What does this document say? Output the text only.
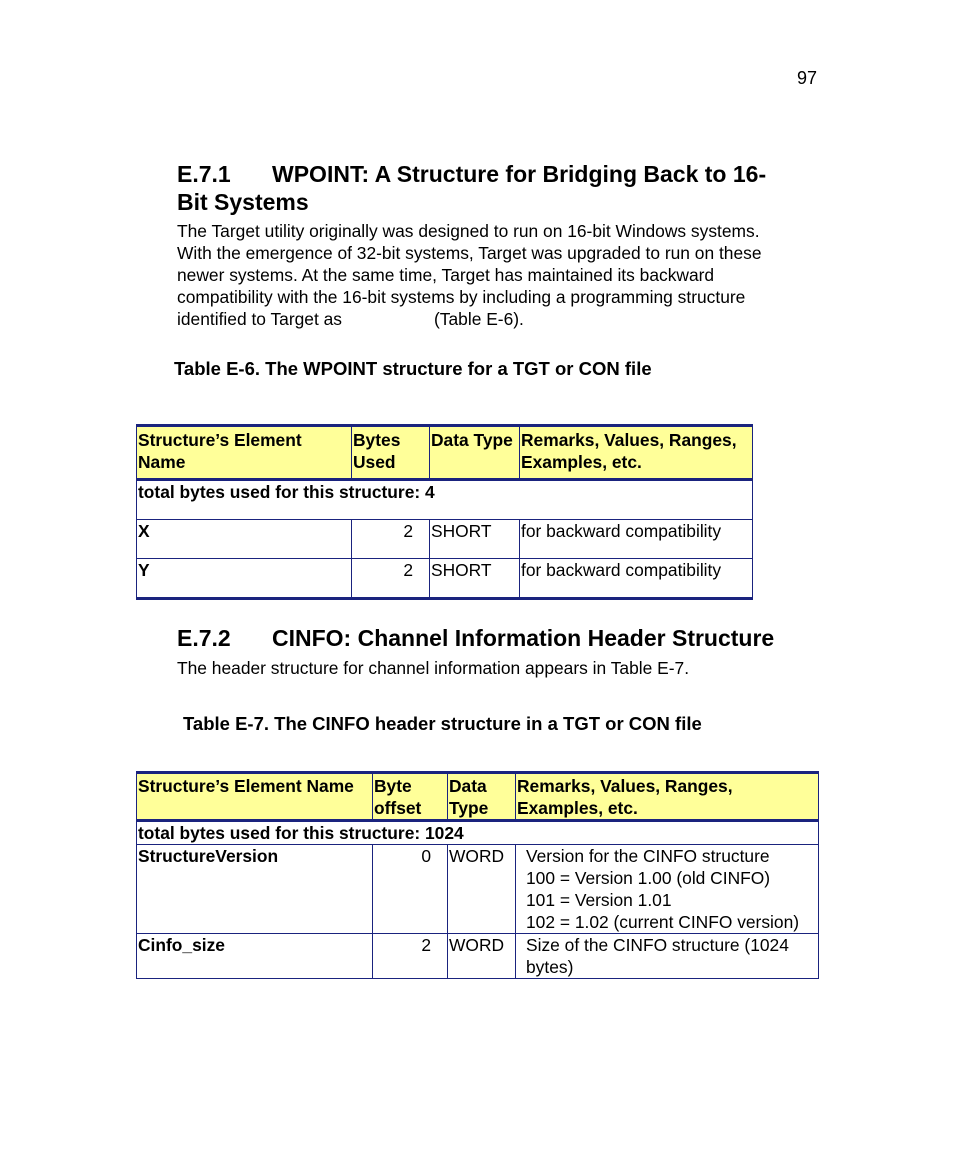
97
E.7.1 WPOINT: A Structure for Bridging Back to 16-
Bit Systems
The Target utility originally was designed to run on 16-bit Windows systems.
With the emergence of 32-bit systems, Target was upgraded to run on these
newer systems. At the same time, Target has maintained its backward
compatibility with the 16-bit systems by including a programming structure
identified to Target as	(Table E-6).
Table E-6. The WPOINT structure for a TGT or CON file
Structure’s Element Name	Bytes Used	Data Type	Remarks, Values, Ranges, Examples, etc.
total bytes used for this structure: 4			
X	2	SHORT	for backward compatibility
Y	2	SHORT	for backward compatibility
E.7.2 CINFO: Channel Information Header Structure
The header structure for channel information appears in Table E-7.
Table E-7. The CINFO header structure in a TGT or CON file
Structure’s Element Name	Byte offset	Data Type	Remarks, Values, Ranges, Examples, etc.
total bytes used for this structure: 1024			
StructureVersion	0	WORD	Version for the CINFO structure
100 = Version 1.00 (old CINFO)
101 = Version 1.01
102 = 1.02 (current CINFO version)

Cinfo_size	2	WORD	Size of the CINFO structure (1024 bytes)
